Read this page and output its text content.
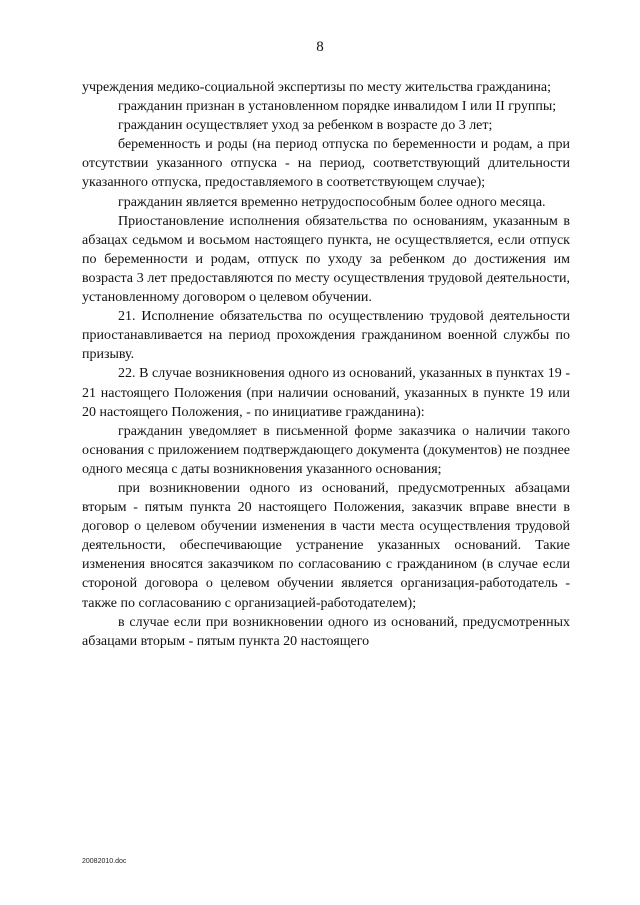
8

учреждения медико-социальной экспертизы по месту жительства гражданина;

гражданин признан в установленном порядке инвалидом I или II группы;

гражданин осуществляет уход за ребенком в возрасте до 3 лет;

беременность и роды (на период отпуска по беременности и родам, а при отсутствии указанного отпуска - на период, соответствующий длительности указанного отпуска, предоставляемого в соответствующем случае);

гражданин является временно нетрудоспособным более одного месяца.

Приостановление исполнения обязательства по основаниям, указанным в абзацах седьмом и восьмом настоящего пункта, не осуществляется, если отпуск по беременности и родам, отпуск по уходу за ребенком до достижения им возраста 3 лет предоставляются по месту осуществления трудовой деятельности, установленному договором о целевом обучении.

21. Исполнение обязательства по осуществлению трудовой деятельности приостанавливается на период прохождения гражданином военной службы по призыву.

22. В случае возникновения одного из оснований, указанных в пунктах 19 - 21 настоящего Положения (при наличии оснований, указанных в пункте 19 или 20 настоящего Положения, - по инициативе гражданина):

гражданин уведомляет в письменной форме заказчика о наличии такого основания с приложением подтверждающего документа (документов) не позднее одного месяца с даты возникновения указанного основания;

при возникновении одного из оснований, предусмотренных абзацами вторым - пятым пункта 20 настоящего Положения, заказчик вправе внести в договор о целевом обучении изменения в части места осуществления трудовой деятельности, обеспечивающие устранение указанных оснований. Такие изменения вносятся заказчиком по согласованию с гражданином (в случае если стороной договора о целевом обучении является организация-работодатель - также по согласованию с организацией-работодателем);

в случае если при возникновении одного из оснований, предусмотренных абзацами вторым - пятым пункта 20 настоящего

20082010.doc
